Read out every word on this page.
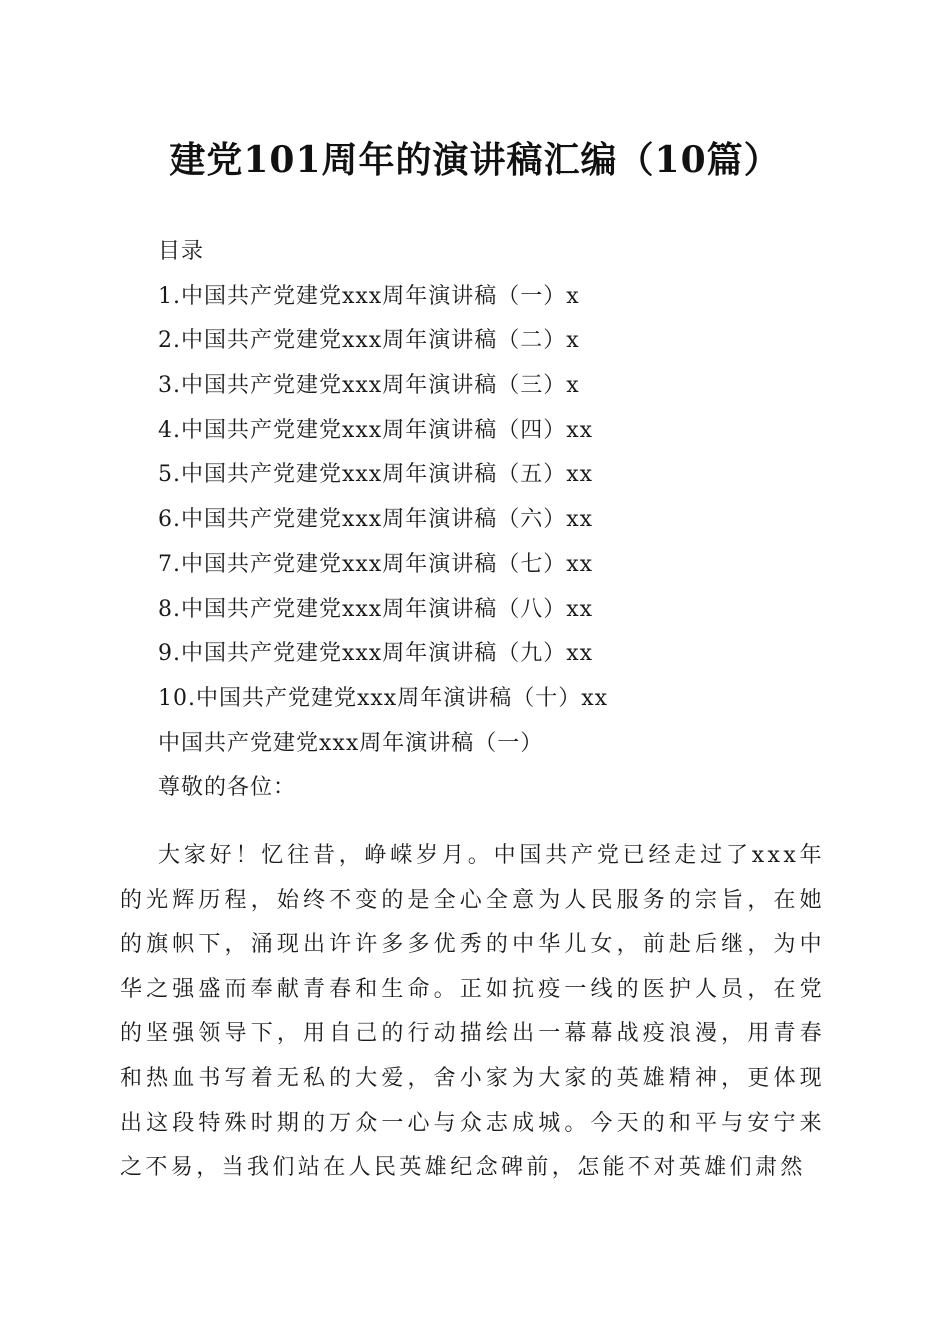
建党101周年的演讲稿汇编（10篇）
目录
1.中国共产党建党xxx周年演讲稿（一）x
2.中国共产党建党xxx周年演讲稿（二）x
3.中国共产党建党xxx周年演讲稿（三）x
4.中国共产党建党xxx周年演讲稿（四）xx
5.中国共产党建党xxx周年演讲稿（五）xx
6.中国共产党建党xxx周年演讲稿（六）xx
7.中国共产党建党xxx周年演讲稿（七）xx
8.中国共产党建党xxx周年演讲稿（八）xx
9.中国共产党建党xxx周年演讲稿（九）xx
10.中国共产党建党xxx周年演讲稿（十）xx
中国共产党建党xxx周年演讲稿（一）
尊敬的各位：

大家好！忆往昔，峥嵘岁月。中国共产党已经走过了xxx年的光辉历程，始终不变的是全心全意为人民服务的宗旨，在她的旗帜下，涌现出许许多多优秀的中华儿女，前赴后继，为中华之强盛而奉献青春和生命。正如抗疫一线的医护人员，在党的坚强领导下，用自己的行动描绘出一幕幕战疫浪漫，用青春和热血书写着无私的大爱，舍小家为大家的英雄精神，更体现出这段特殊时期的万众一心与众志成城。今天的和平与安宁来之不易，当我们站在人民英雄纪念碑前，怎能不对英雄们肃然
